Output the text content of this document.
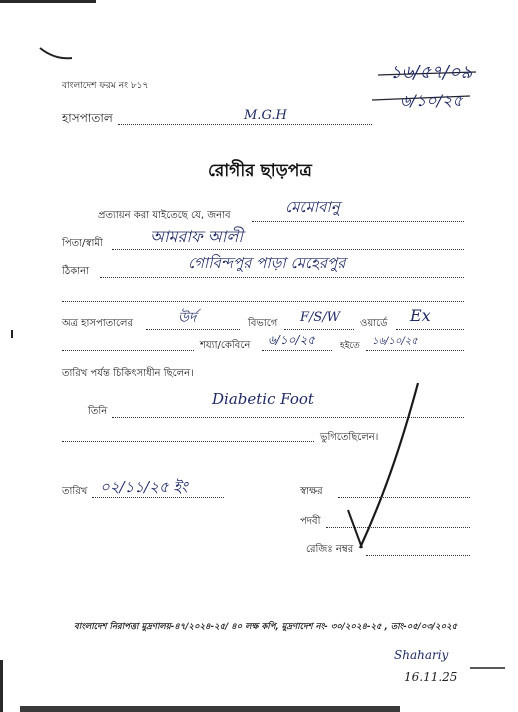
১৬/৫৭/০৯
৬/১০/২৫
বাংলাদেশ ফরম নং ৮১৭
হাসপাতাল	M.G.H
রোগীর ছাড়পত্র
প্রত্যায়ন করা যাইতেছে যে, জনাব	মেমোবানু
পিতা/স্বামী	আমরাফ আলী
ঠিকানা	গোবিন্দপুর পাড়া মেহেরপুর
অত্র হাসপাতালের	উর্দ	বিভাগে F/S/W ওয়ার্ডে Ex
শয্যা/কেবিনে ৬/১০/২৫	হইতে ১৬/১০/২৫
তারিখ পর্যন্ত চিকিৎসাধীন ছিলেন।
তিনি
Diabetic Foot
ভুগিতেছিলেন।
তারিখ ০২/১১/২৫ ইং	স্বাক্ষর
পদবী
রেজিঃ নম্বর
বাংলাদেশ নিরাপত্তা মুদ্রণালয়-৪৭/২০২৪-২৫/ ৪০ লক্ষ কপি, মুদ্রণাদেশ নং- ৩০/২০২৪-২৫ , তাং-০৫/০৩/২০২৫
Shahariy
16.11.25
